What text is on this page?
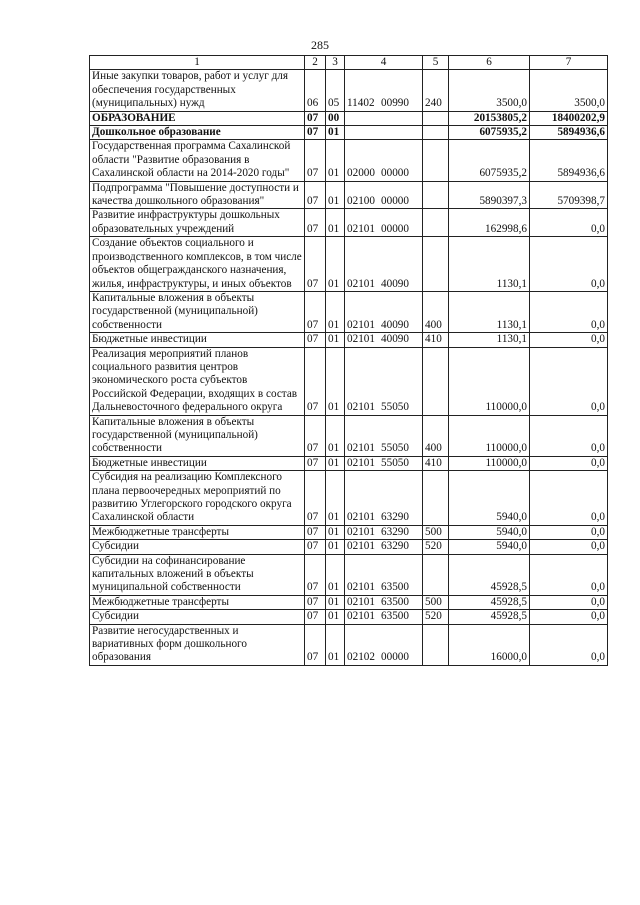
285
1	2	3	4	5	6	7
Иные закупки товаров, работ и услуг для обеспечения государственных (муниципальных) нужд	06	05	11402 00990	240	3500,0	3500,0
ОБРАЗОВАНИЕ	07	00			20153805,2	18400202,9
Дошкольное образование	07	01			6075935,2	5894936,6
Государственная программа Сахалинской области "Развитие образования в Сахалинской области на 2014-2020 годы"	07	01	02000 00000		6075935,2	5894936,6
Подпрограмма "Повышение доступности и качества дошкольного образования"	07	01	02100 00000		5890397,3	5709398,7
Развитие инфраструктуры дошкольных образовательных учреждений	07	01	02101 00000		162998,6	0,0
Создание объектов социального и производственного комплексов, в том числе объектов общегражданского назначения, жилья, инфраструктуры, и иных объектов	07	01	02101 40090		1130,1	0,0
Капитальные вложения в объекты государственной (муниципальной) собственности	07	01	02101 40090	400	1130,1	0,0
Бюджетные инвестиции	07	01	02101 40090	410	1130,1	0,0
Реализация мероприятий планов социального развития центров экономического роста субъектов Российской Федерации, входящих в состав Дальневосточного федерального округа	07	01	02101 55050		110000,0	0,0
Капитальные вложения в объекты государственной (муниципальной) собственности	07	01	02101 55050	400	110000,0	0,0
Бюджетные инвестиции	07	01	02101 55050	410	110000,0	0,0
Субсидия на реализацию Комплексного плана первоочередных мероприятий по развитию Углегорского городского округа Сахалинской области	07	01	02101 63290		5940,0	0,0
Межбюджетные трансферты	07	01	02101 63290	500	5940,0	0,0
Субсидии	07	01	02101 63290	520	5940,0	0,0
Субсидии на софинансирование капитальных вложений в объекты муниципальной собственности	07	01	02101 63500		45928,5	0,0
Межбюджетные трансферты	07	01	02101 63500	500	45928,5	0,0
Субсидии	07	01	02101 63500	520	45928,5	0,0
Развитие негосударственных и вариативных форм дошкольного образования	07	01	02102 00000		16000,0	0,0
